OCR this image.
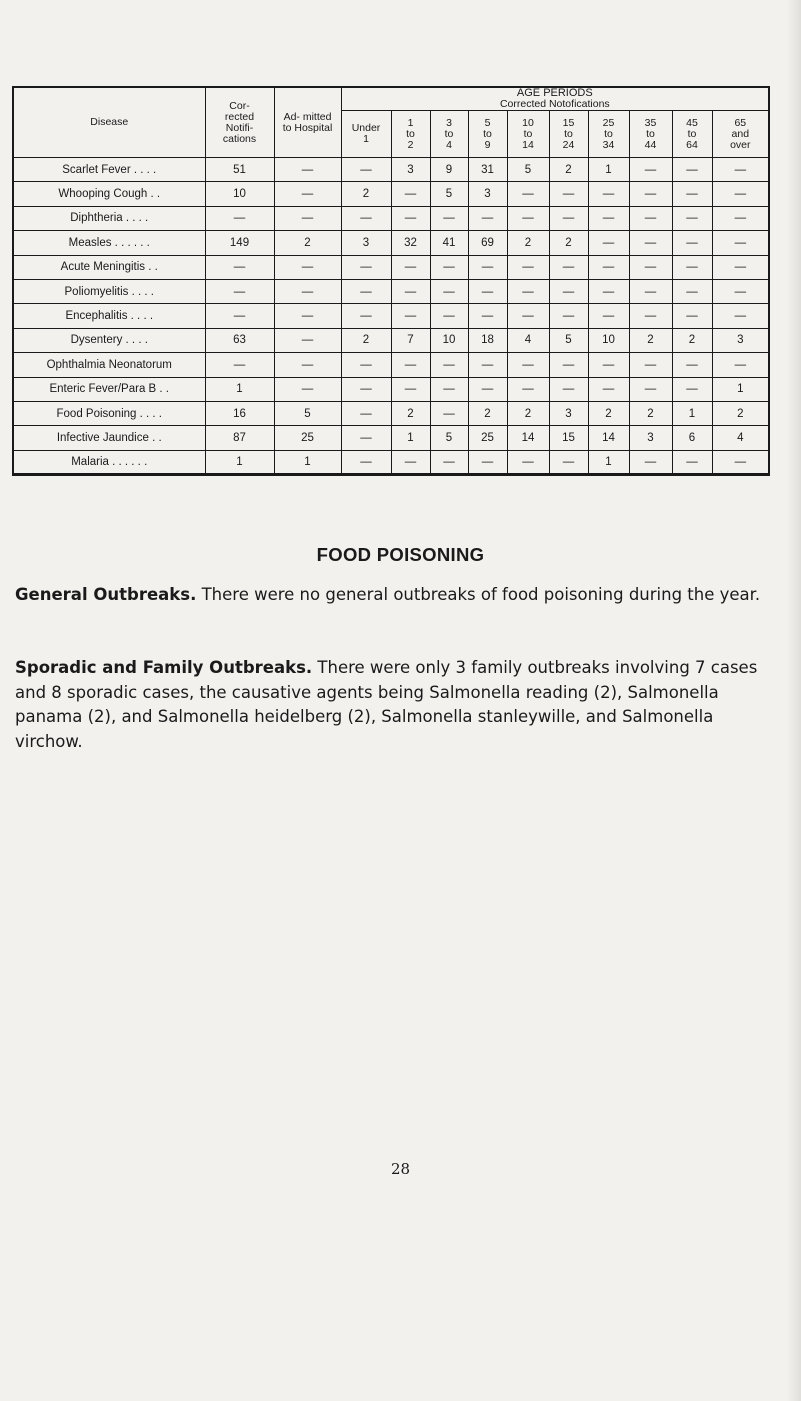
Disease	Cor- rected Notifi- cations	Ad- mitted to Hospital	AGE PERIODS
Corrected Notofications									

			Under 1	1 to 2	3 to 4	5 to 9	10 to 14	15 to 24	25 to 34	35 to 44	45 to 64	65 and over
Scarlet Fever . . . .	51	—	—	3	9	31	5	2	1	—	—	—
Whooping Cough . .	10	—	2	—	5	3	—	—	—	—	—	—
Diphtheria . . . .	—	—	—	—	—	—	—	—	—	—	—	—
Measles . . . . . .	149	2	3	32	41	69	2	2	—	—	—	—
Acute Meningitis . .	—	—	—	—	—	—	—	—	—	—	—	—
Poliomyelitis . . . .	—	—	—	—	—	—	—	—	—	—	—	—
Encephalitis . . . .	—	—	—	—	—	—	—	—	—	—	—	—
Dysentery . . . .	63	—	2	7	10	18	4	5	10	2	2	3
Ophthalmia Neonatorum	—	—	—	—	—	—	—	—	—	—	—	—
Enteric Fever/Para B . .	1	—	—	—	—	—	—	—	—	—	—	1
Food Poisoning . . . .	16	5	—	2	—	2	2	3	2	2	1	2
Infective Jaundice . .	87	25	—	1	5	25	14	15	14	3	6	4
Malaria . . . . . .	1	1	—	—	—	—	—	—	1	—	—	—
FOOD POISONING

General Outbreaks. There were no general outbreaks of food poisoning during the year.

Sporadic and Family Outbreaks. There were only 3 family outbreaks involving 7 cases and 8 sporadic cases, the causative agents being Salmonella reading (2), Salmonella panama (2), and Salmonella heidelberg (2), Salmonella stanleywille, and Salmonella virchow.

28
